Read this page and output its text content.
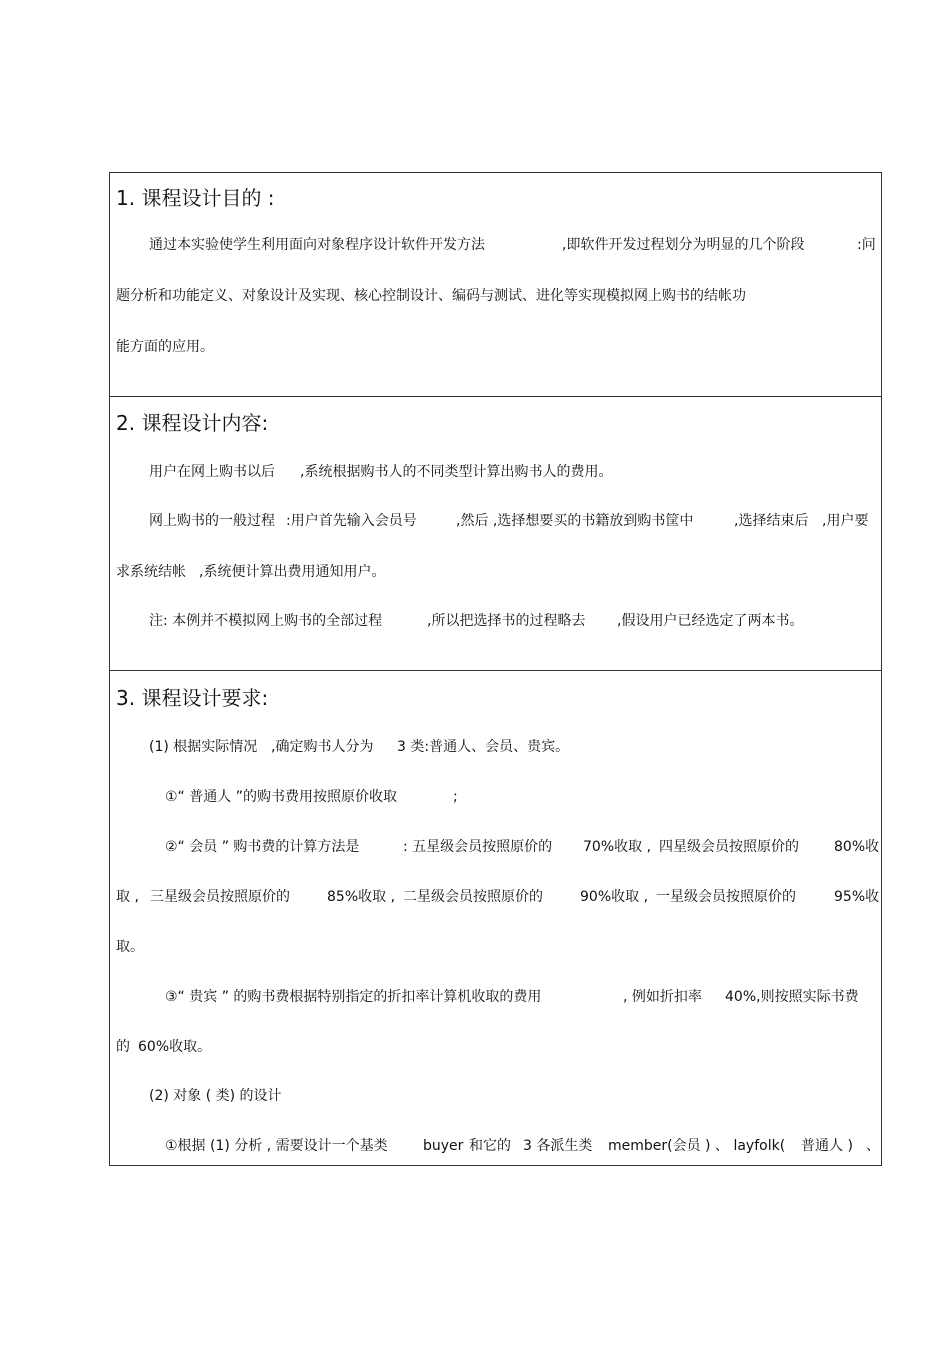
1. 课程设计目的 :
通过本实验使学生利用面向对象程序设计软件开发方法	,即软件开发过程划分为明显的几个阶段	:问
题分析和功能定义、对象设计及实现、核心控制设计、编码与测试、进化等实现模拟网上购书的结帐功
能方面的应用。
2. 课程设计内容:
用户在网上购书以后 ,系统根据购书人的不同类型计算出购书人的费用。
网上购书的一般过程 :用户首先输入会员号	,然后 ,选择想要买的书籍放到购书筐中	,选择结束后 ,用户要
求系统结帐 ,系统便计算出费用通知用户。
注: 本例并不模拟网上购书的全部过程	,所以把选择书的过程略去 ,假设用户已经选定了两本书。
3. 课程设计要求:
(1) 根据实际情况 ,确定购书人分为 3 类:普通人、会员、贵宾。
①“ 普通人 ”的购书费用按照原价收取	;
②“ 会员 ” 购书费的计算方法是	: 五星级会员按照原价的 70%收取 , 四星级会员按照原价的	80%收
取 , 三星级会员按照原价的	85%收取 , 二星级会员按照原价的	90%收取 , 一星级会员按照原价的	95%收
取。
③“ 贵宾 ” 的购书费根据特别指定的折扣率计算机收取的费用	, 例如折扣率 40%,则按照实际书费
的 60%收取。
(2) 对象 ( 类) 的设计
①根据 (1) 分析 , 需要设计一个基类	buyer 和它的 3 各派生类 member(会员 ) 、 layfolk( 普通人 ) 、
